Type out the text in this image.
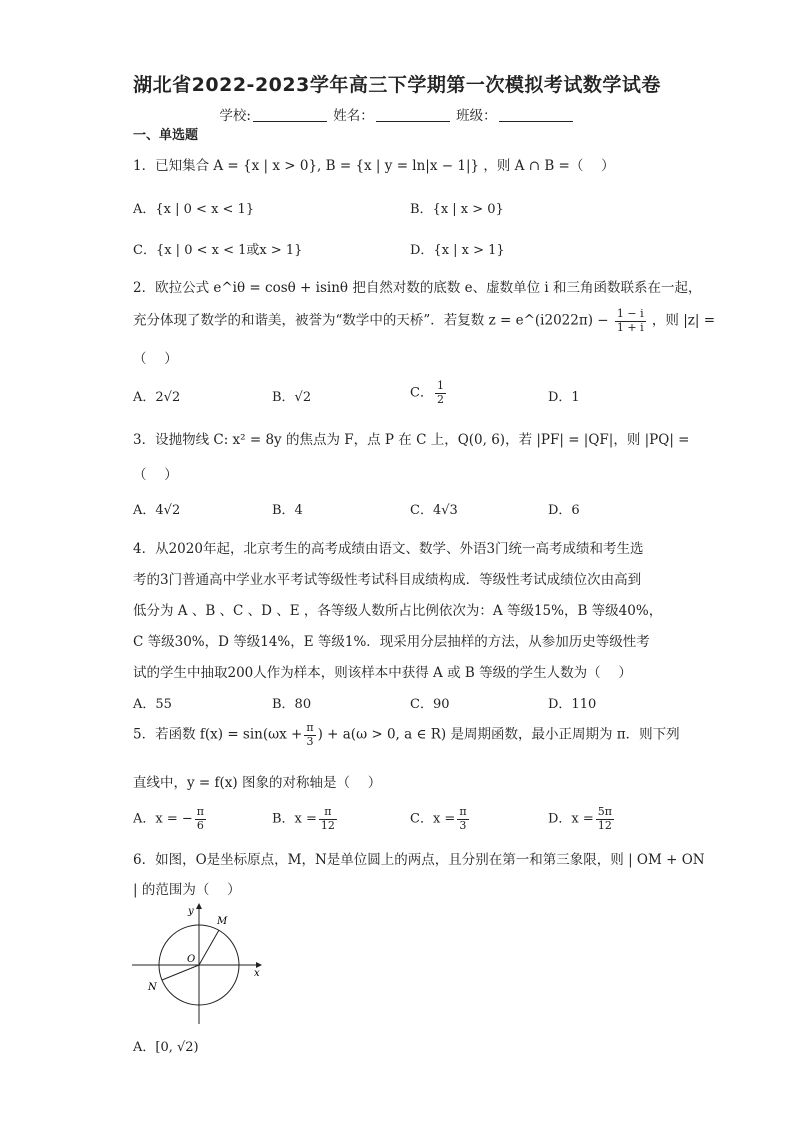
湖北省2022-2023学年高三下学期第一次模拟考试数学试卷
学校:	姓名：	班级：
一、单选题
1．已知集合 A = {x | x > 0}, B = {x | y = ln|x − 1|} ，则 A ∩ B =（　 ）
A．{x | 0 < x < 1}	B．{x | x > 0}
C．{x | 0 < x < 1或x > 1}	D．{x | x > 1}
2．欧拉公式 e^iθ = cosθ + isinθ 把自然对数的底数 e、虚数单位 i 和三角函数联系在一起，
充分体现了数学的和谐美，被誉为“数学中的天桥”．若复数 z = e^(i2022π) − $\frac{1 - i}{1 + i}$ ，则 |z| =
（　 ）
A．2√2	B．√2	C． $\frac{1}{2}$	D．1
3．设抛物线 C: x² = 8y 的焦点为 F，点 P 在 C 上，Q(0, 6)，若 |PF| = |QF|，则 |PQ| =
（　 ）
A．4√2	B．4	C．4√3	D．6
4．从2020年起，北京考生的高考成绩由语文、数学、外语3门统一高考成绩和考生选
考的3门普通高中学业水平考试等级性考试科目成绩构成．等级性考试成绩位次由高到
低分为 A 、B 、C 、D 、E ，各等级人数所占比例依次为：A 等级15%，B 等级40%，
C 等级30%，D 等级14%，E 等级1%．现采用分层抽样的方法，从参加历史等级性考
试的学生中抽取200人作为样本，则该样本中获得 A 或 B 等级的学生人数为（　 ）
A．55	B．80	C．90	D．110
5．若函数 $f(x) = \sin(\omega x + \frac{\pi}{3}$ ) + a(ω > 0, a ∈ R) 是周期函数，最小正周期为 π．则下列
直线中，y = f(x) 图象的对称轴是（　 ）
A．x = − $\frac{\pi}{6}$	B．$x = \frac{\pi}{12}$	C．$x = \frac{\pi}{3}$	D．$x = \frac{5\pi}{12}$
6．如图，O是坐标原点，M，N是单位圆上的两点，且分别在第一和第三象限，则 | OM + ON
| 的范围为（　 ）
y
x
M
N
O
A．[0, √2)
